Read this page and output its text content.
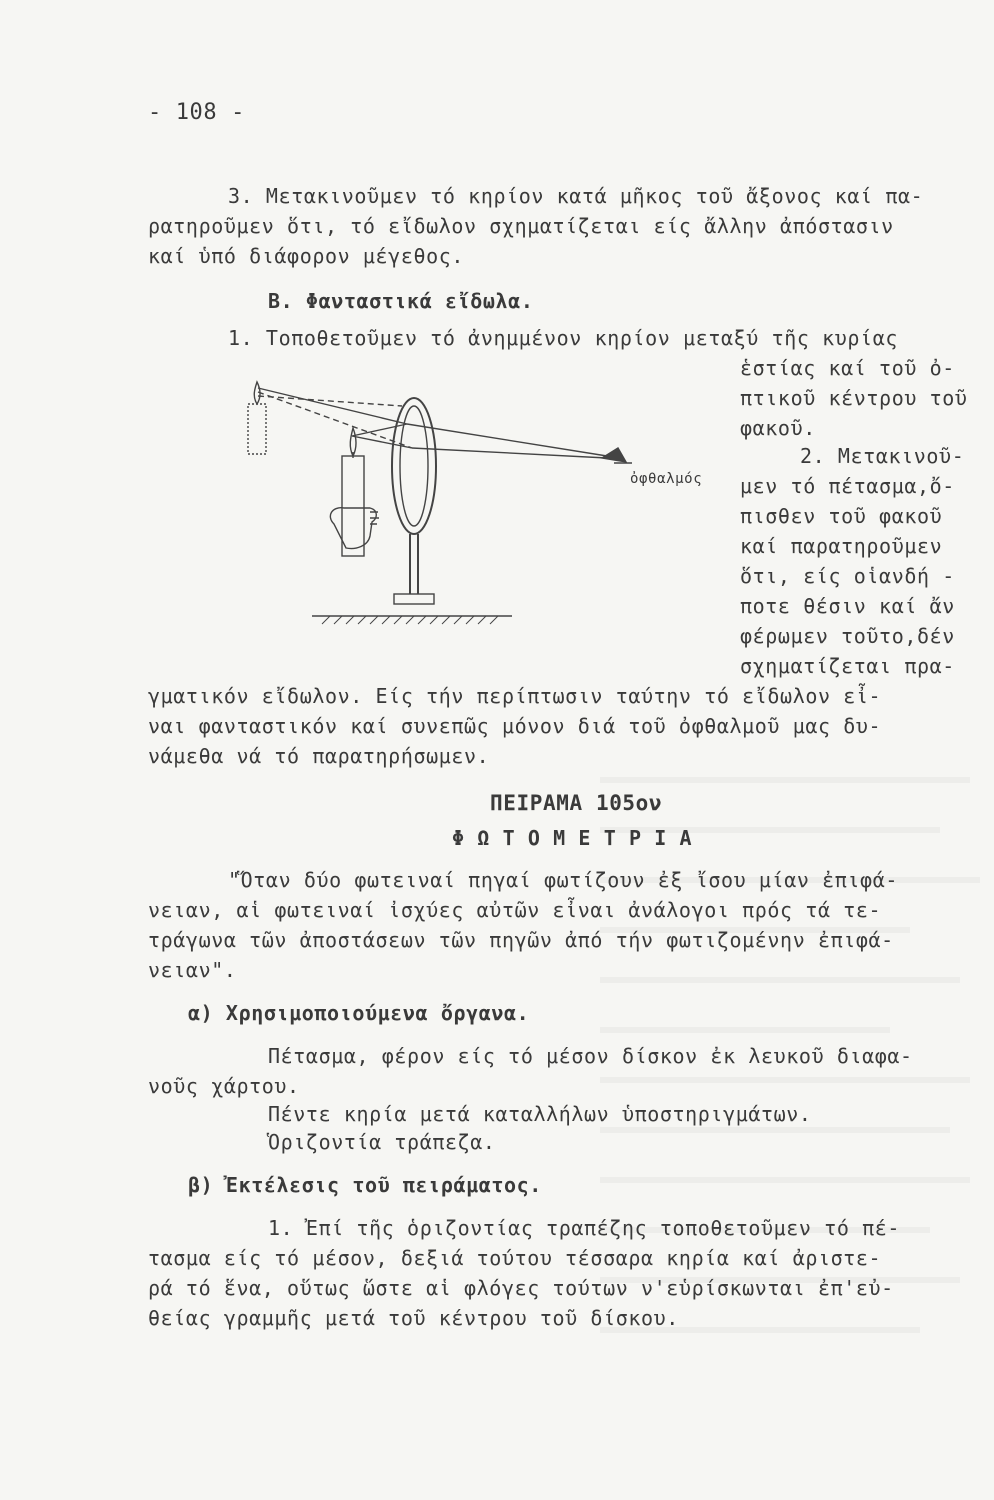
- 108 -
3. Μετακινοῦμεν τό κηρίον κατά μῆκος τοῦ ἄξονος καί πα-
ρατηροῦμεν ὅτι, τό εἴδωλον σχηματίζεται είς ἄλλην ἀπόστασιν
καί ὑπό διάφορον μέγεθος.
Β. Φανταστικά εἴδωλα.
1. Τοποθετοῦμεν τό ἀνημμένον κηρίον μεταξύ τῆς κυρίας
ἑστίας καί τοῦ ὀ-
πτικοῦ κέντρου τοῦ
φακοῦ.
ὀφθαλμός
2. Μετακινοῦ-
μεν τό πέτασμα,ὄ-
πισθεν τοῦ φακοῦ
καί παρατηροῦμεν
ὅτι, είς οἱανδή -
ποτε θέσιν καί ἄν
φέρωμεν τοῦτο,δέν
σχηματίζεται πρα-
γματικόν εἴδωλον. Είς τήν περίπτωσιν ταύτην τό εἴδωλον εἶ-
ναι φανταστικόν καί συνεπῶς μόνον διά τοῦ ὀφθαλμοῦ μας δυ-
νάμεθα νά τό παρατηρήσωμεν.
ΠΕΙΡΑΜΑ 105ον
Φ Ω Τ Ο Μ Ε Τ Ρ Ι Α
"Ὅταν δύο φωτειναί πηγαί φωτίζουν ἐξ ἴσου μίαν ἐπιφά-
νειαν, αἱ φωτειναί ἰσχύες αὐτῶν εἶναι ἀνάλογοι πρός τά τε-
τράγωνα τῶν ἀποστάσεων τῶν πηγῶν ἀπό τήν φωτιζομένην ἐπιφά-
νειαν".
α) Χρησιμοποιούμενα ὄργανα.
Πέτασμα, φέρον είς τό μέσον δίσκον ἐκ λευκοῦ διαφα-
νοῦς χάρτου.
Πέντε κηρία μετά καταλλήλων ὑποστηριγμάτων.
Ὁριζοντία τράπεζα.
β) Ἐκτέλεσις τοῦ πειράματος.
1. Ἐπί τῆς ὁριζοντίας τραπέζης τοποθετοῦμεν τό πέ-
τασμα είς τό μέσον, δεξιά τούτου τέσσαρα κηρία καί ἀριστε-
ρά τό ἕνα, οὕτως ὥστε αἱ φλόγες τούτων ν'εὑρίσκωνται ἐπ'εὐ-
θείας γραμμῆς μετά τοῦ κέντρου τοῦ δίσκου.
